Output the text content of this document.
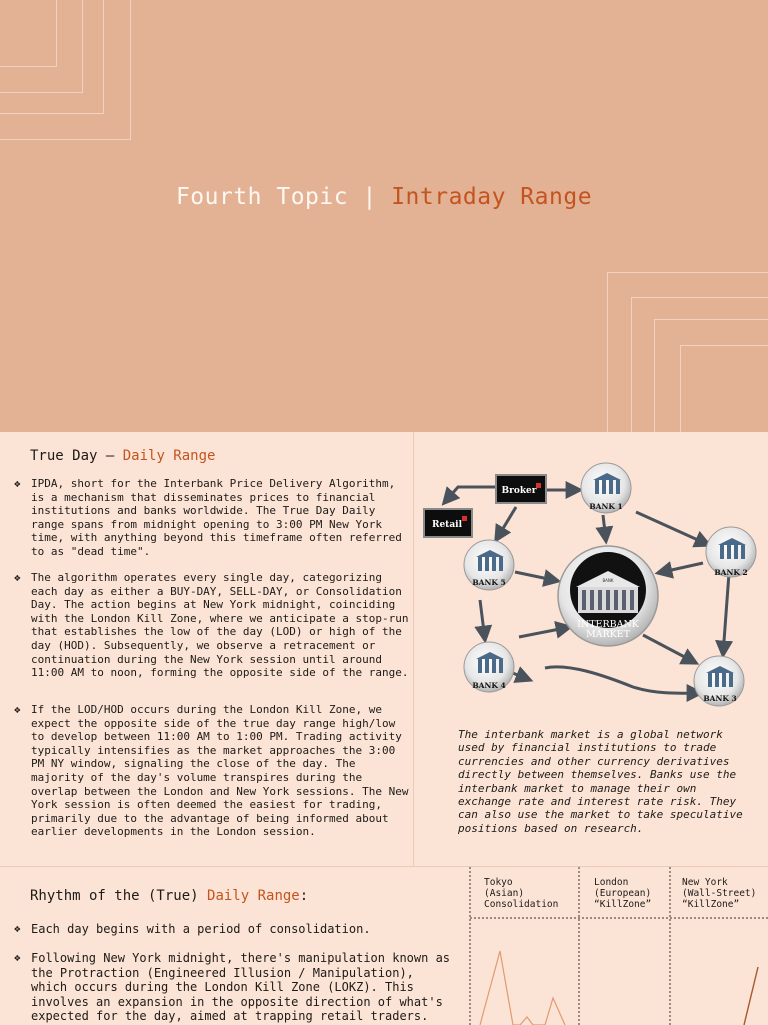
Fourth Topic | Intraday Range
True Day – Daily Range
❖ IPDA, short for the Interbank Price Delivery Algorithm, is a mechanism that disseminates prices to financial institutions and banks worldwide. The True Day Daily range spans from midnight opening to 3:00 PM New York time, with anything beyond this timeframe often referred to as "dead time".
❖ The algorithm operates every single day, categorizing each day as either a BUY-DAY, SELL-DAY, or Consolidation Day. The action begins at New York midnight, coinciding with the London Kill Zone, where we anticipate a stop-run that establishes the low of the day (LOD) or high of the day (HOD). Subsequently, we observe a retracement or continuation during the New York session until around 11:00 AM to noon, forming the opposite side of the range.
❖ If the LOD/HOD occurs during the London Kill Zone, we expect the opposite side of the true day range high/low to develop between 11:00 AM to 1:00 PM. Trading activity typically intensifies as the market approaches the 3:00 PM NY window, signaling the close of the day. The majority of the day's volume transpires during the overlap between the London and New York sessions. The New York session is often deemed the easiest for trading, primarily due to the advantage of being informed about earlier developments in the London session.
The interbank market is a global network used by financial institutions to trade currencies and other currency derivatives directly between themselves. Banks use the interbank market to manage their own exchange rate and interest rate risk. They can also use the market to take speculative positions based on research.
BANK
INTERBANK
MARKET
BANK 1
BANK 2
BANK 3
BANK 4
BANK 5
Broker
Retail
Rhythm of the (True) Daily Range:
❖ Each day begins with a period of consolidation.
❖ Following New York midnight, there's manipulation known as the Protraction (Engineered Illusion / Manipulation), which occurs during the London Kill Zone (LOKZ). This involves an expansion in the opposite direction of what's expected for the day, aimed at trapping retail traders.
Tokyo
(Asian)
Consolidation
London
(European)
“KillZone”
New York
(Wall-Street)
“KillZone”
